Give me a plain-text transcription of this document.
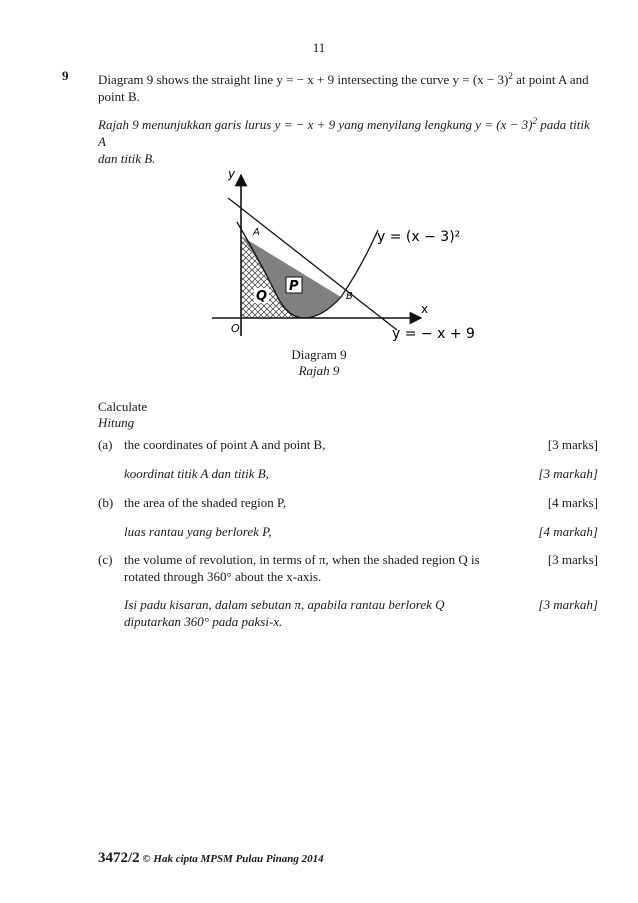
11
9 Diagram 9 shows the straight line y = − x + 9 intersecting the curve $y = (x - 3)^2$ at point A and
point B.
Rajah 9 menunjukkan garis lurus y = − x + 9 yang menyilang lengkung $y = (x - 3)^2$ pada titik A
dan titik B.
y
x
O
A
B
P
Q
y = (x − 3)²
y = − x + 9
Diagram 9
Rajah 9
Calculate
Hitung
(a) the coordinates of point A and point B,	[3 marks]
koordinat titik A dan titik B,	[3 markah]
(b) the area of the shaded region P,	[4 marks]
luas rantau yang berlorek P,	[4 markah]
(c) the volume of revolution, in terms of π, when the shaded region Q is rotated through 360° about the x-axis.
[3 marks]
Isi padu kisaran, dalam sebutan π, apabila rantau berlorek Q diputarkan 360° pada paksi-x.
[3 markah]
3472/2 © Hak cipta MPSM Pulau Pinang 2014
